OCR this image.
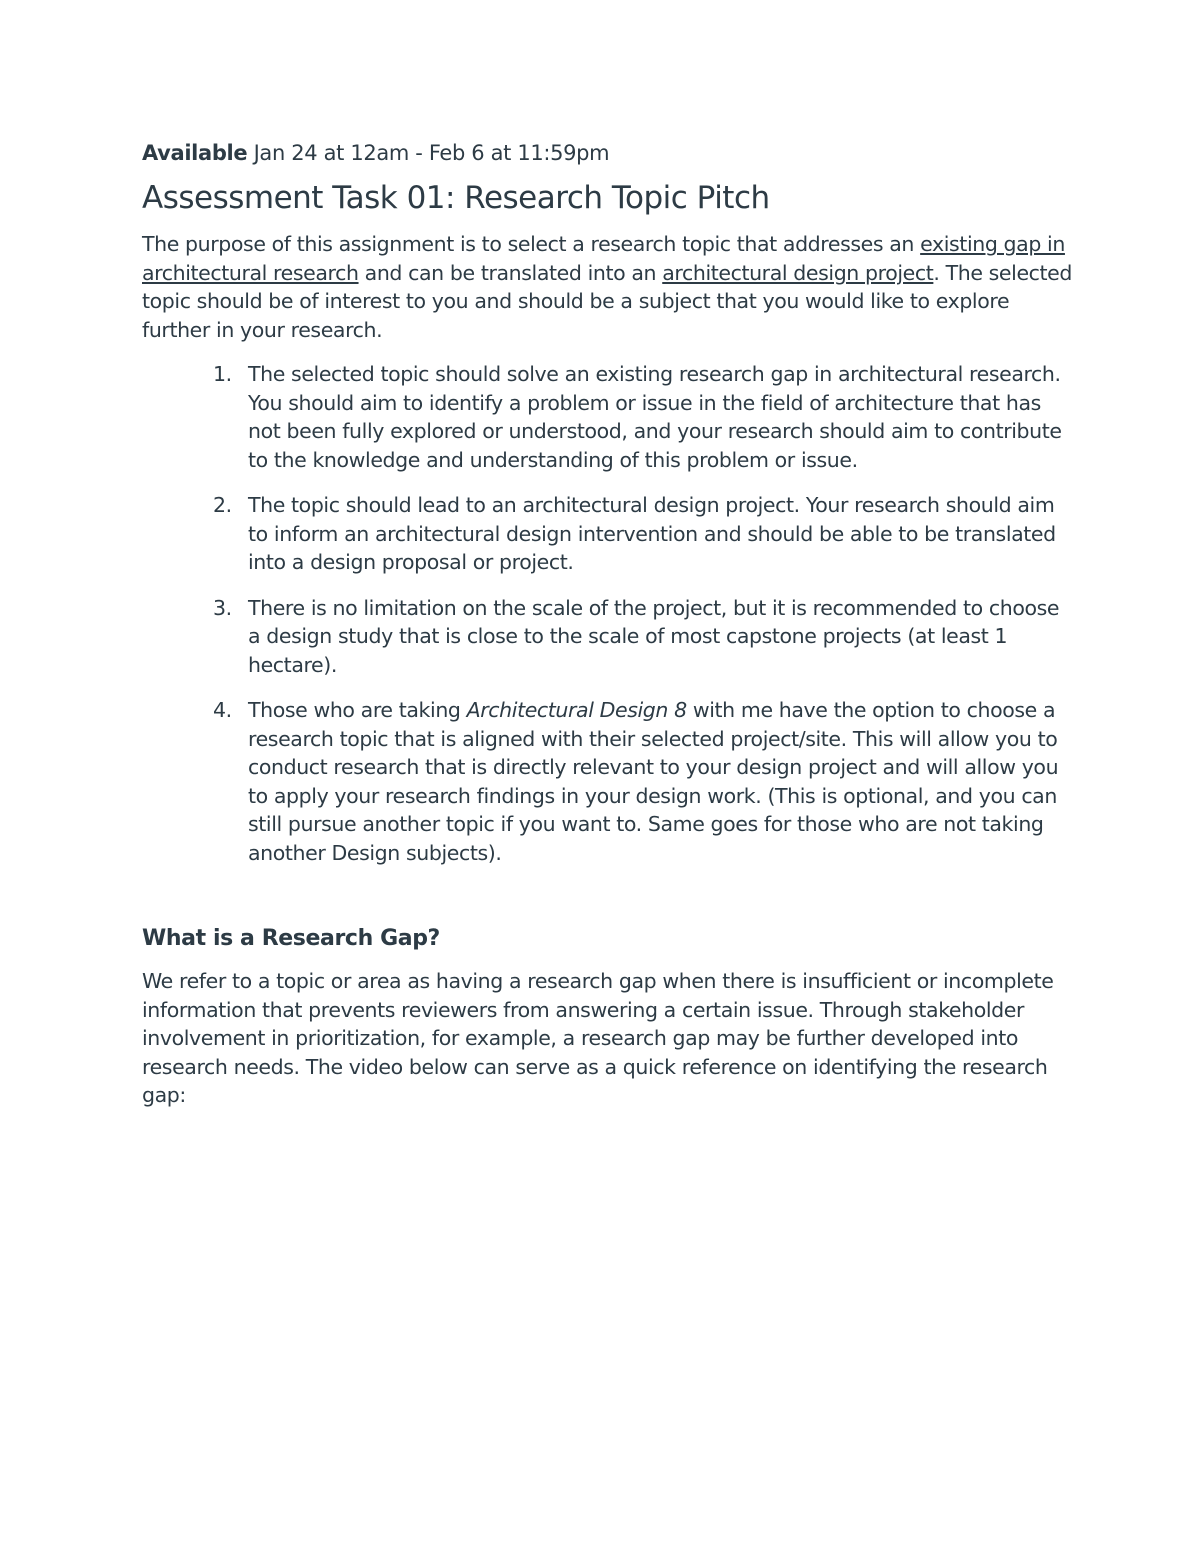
Available Jan 24 at 12am - Feb 6 at 11:59pm

Assessment Task 01: Research Topic Pitch

The purpose of this assignment is to select a research topic that addresses an existing gap in architectural research and can be translated into an architectural design project. The selected topic should be of interest to you and should be a subject that you would like to explore further in your research.

1. The selected topic should solve an existing research gap in architectural research. You should aim to identify a problem or issue in the field of architecture that has not been fully explored or understood, and your research should aim to contribute to the knowledge and understanding of this problem or issue.
2. The topic should lead to an architectural design project. Your research should aim to inform an architectural design intervention and should be able to be translated into a design proposal or project.
3. There is no limitation on the scale of the project, but it is recommended to choose a design study that is close to the scale of most capstone projects (at least 1 hectare).
4. Those who are taking Architectural Design 8 with me have the option to choose a research topic that is aligned with their selected project/site. This will allow you to conduct research that is directly relevant to your design project and will allow you to apply your research findings in your design work. (This is optional, and you can still pursue another topic if you want to. Same goes for those who are not taking another Design subjects).
What is a Research Gap?

We refer to a topic or area as having a research gap when there is insufficient or incomplete information that prevents reviewers from answering a certain issue. Through stakeholder involvement in prioritization, for example, a research gap may be further developed into research needs. The video below can serve as a quick reference on identifying the research gap:
